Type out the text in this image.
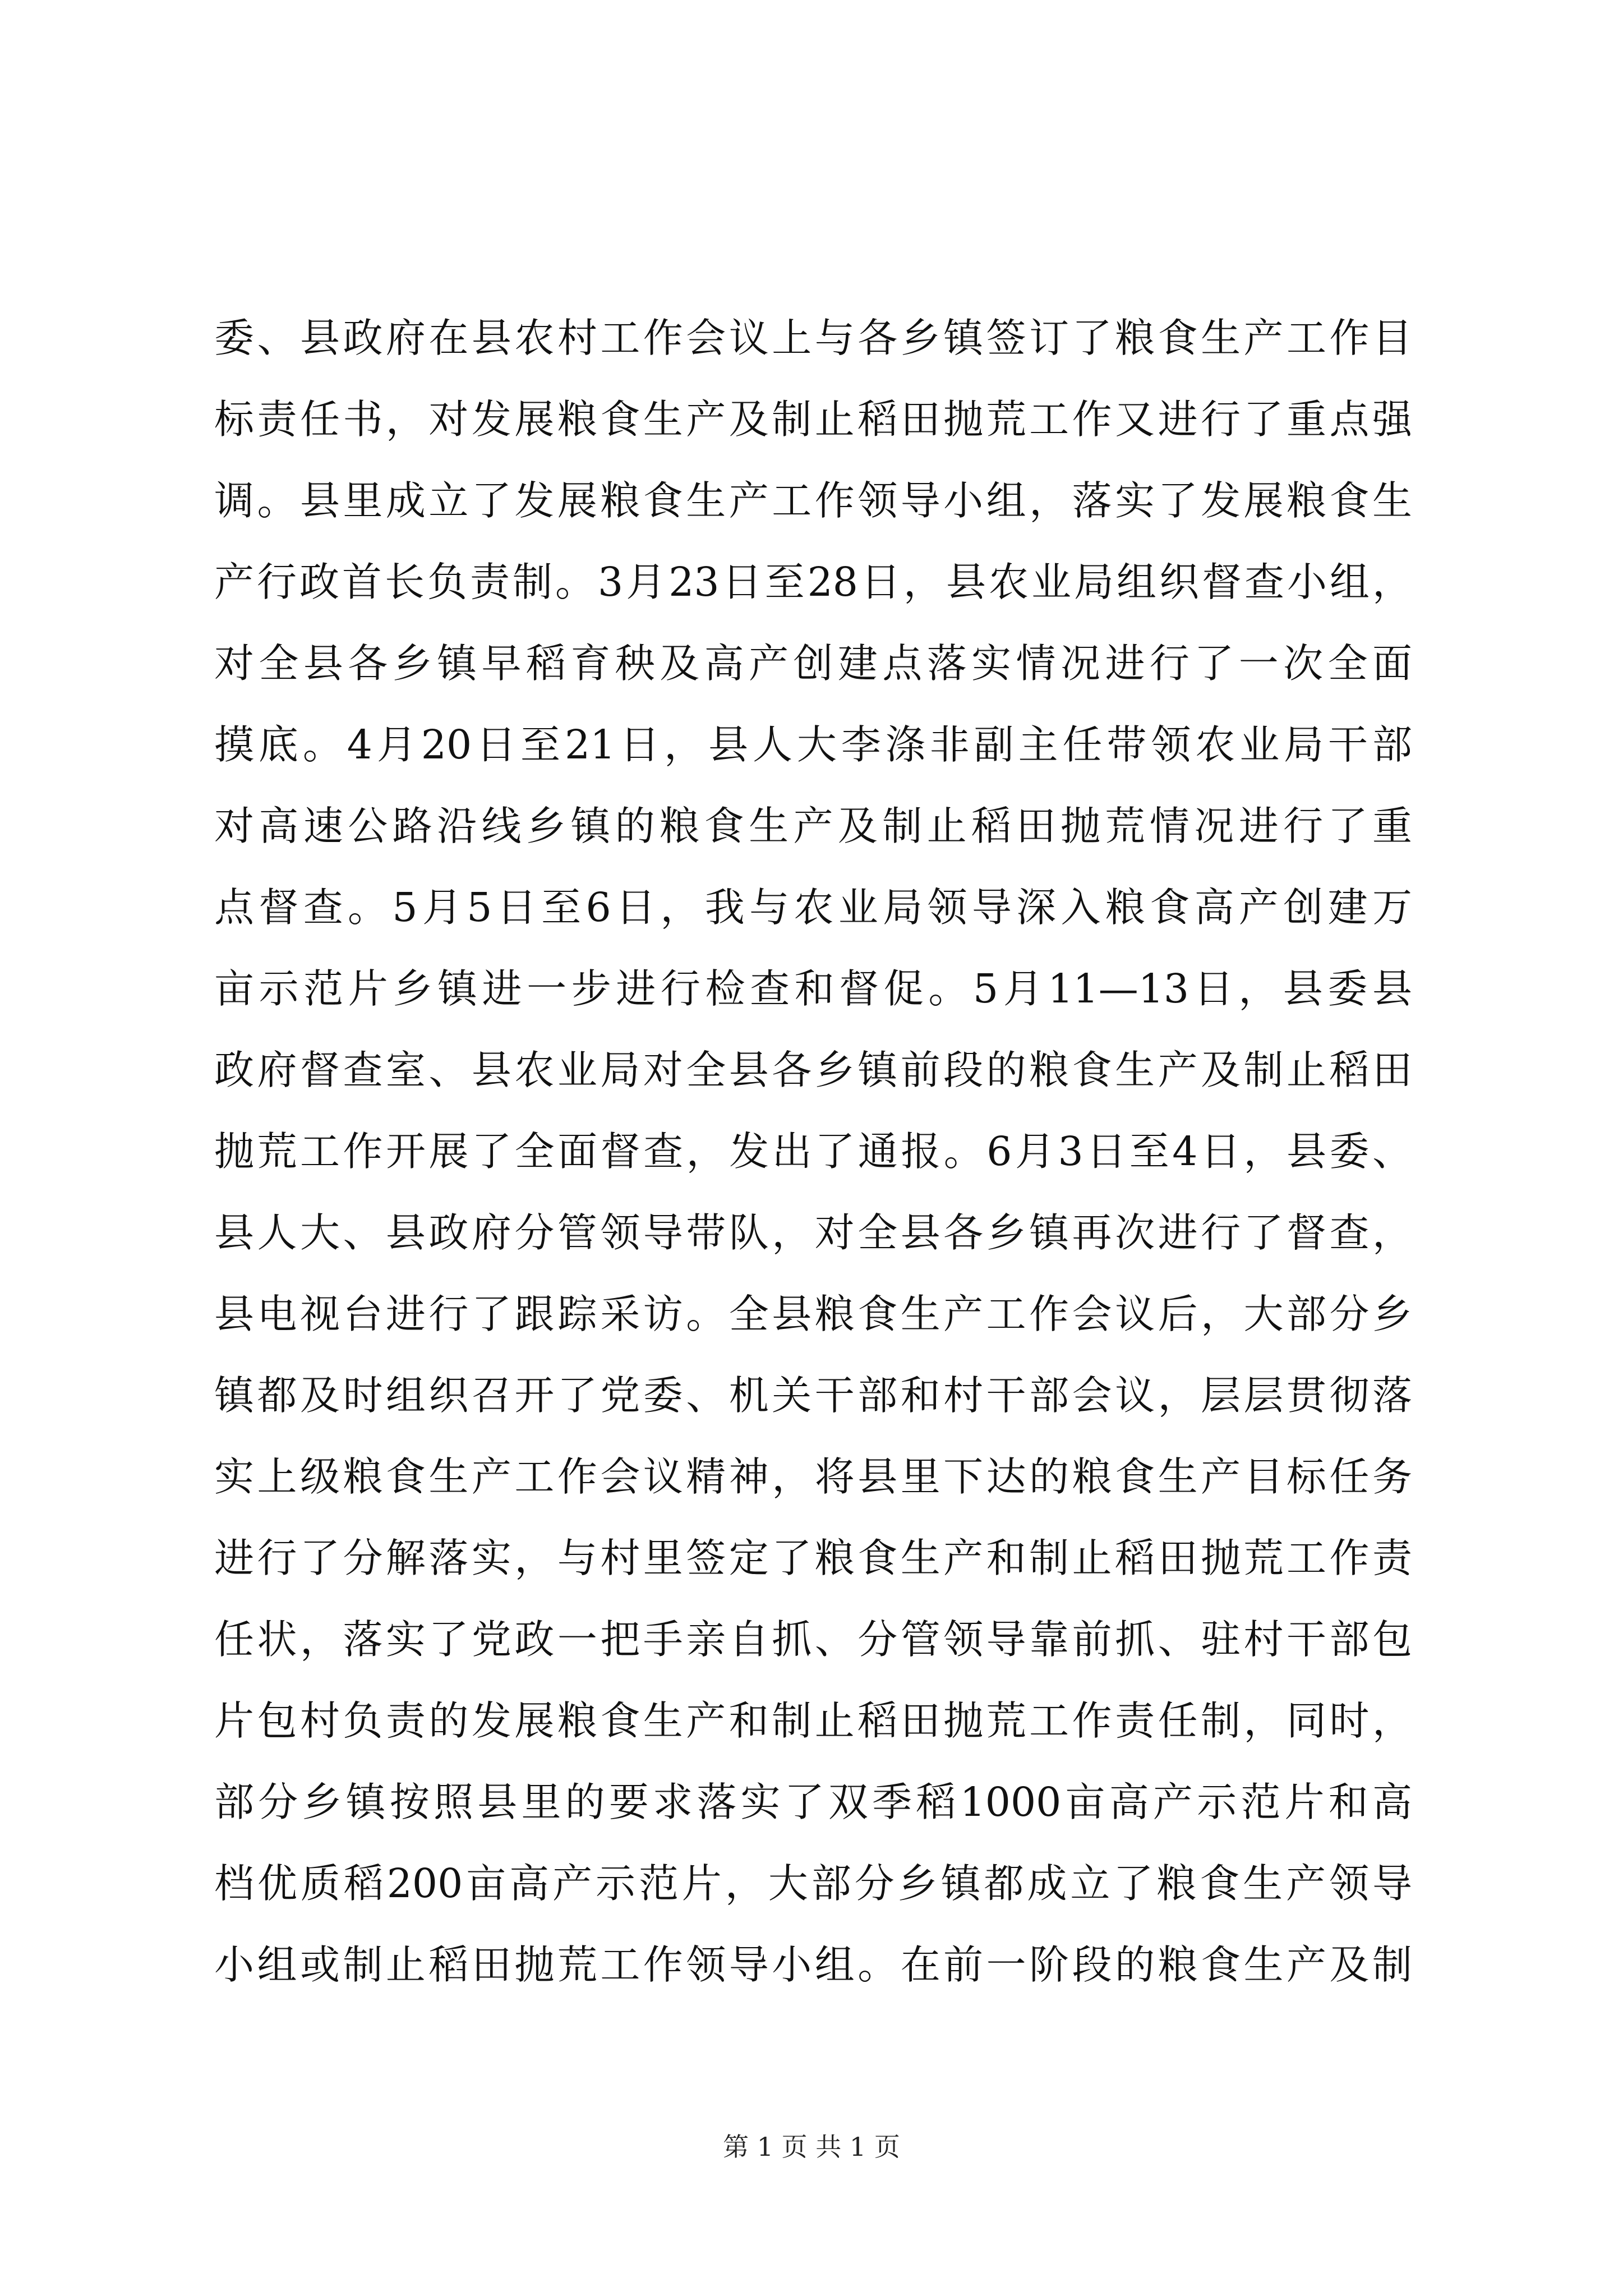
委、县政府在县农村工作会议上与各乡镇签订了粮食生产工作目
标责任书，对发展粮食生产及制止稻田抛荒工作又进行了重点强
调。县里成立了发展粮食生产工作领导小组，落实了发展粮食生
产行政首长负责制。3月23日至28日，县农业局组织督查小组，
对全县各乡镇早稻育秧及高产创建点落实情况进行了一次全面
摸底。4月20日至21日，县人大李涤非副主任带领农业局干部
对高速公路沿线乡镇的粮食生产及制止稻田抛荒情况进行了重
点督查。5月5日至6日，我与农业局领导深入粮食高产创建万
亩示范片乡镇进一步进行检查和督促。5月11—13日，县委县
政府督查室、县农业局对全县各乡镇前段的粮食生产及制止稻田
抛荒工作开展了全面督查，发出了通报。6月3日至4日，县委、
县人大、县政府分管领导带队，对全县各乡镇再次进行了督查，
县电视台进行了跟踪采访。全县粮食生产工作会议后，大部分乡
镇都及时组织召开了党委、机关干部和村干部会议，层层贯彻落
实上级粮食生产工作会议精神，将县里下达的粮食生产目标任务
进行了分解落实，与村里签定了粮食生产和制止稻田抛荒工作责
任状，落实了党政一把手亲自抓、分管领导靠前抓、驻村干部包
片包村负责的发展粮食生产和制止稻田抛荒工作责任制，同时，
部分乡镇按照县里的要求落实了双季稻1000亩高产示范片和高
档优质稻200亩高产示范片，大部分乡镇都成立了粮食生产领导
小组或制止稻田抛荒工作领导小组。在前一阶段的粮食生产及制
第 1 页 共 1 页
